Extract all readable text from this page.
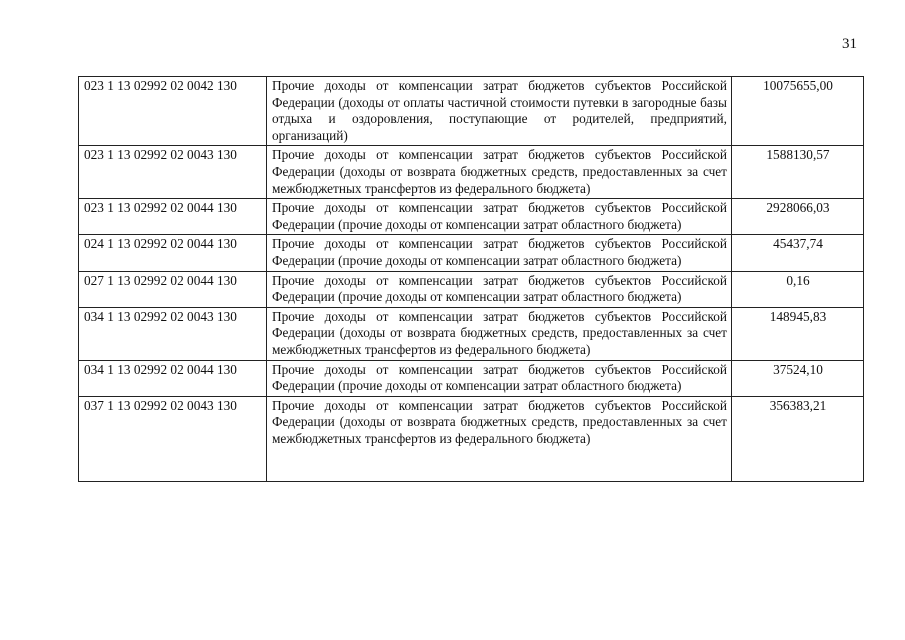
31
023 1 13 02992 02 0042 130	Прочие доходы от компенсации затрат бюджетов субъектов Российской Федерации (доходы от оплаты частичной стоимости путевки в загородные базы отдыха и оздоровления, поступающие от родителей, предприятий, организаций)	10075655,00
023 1 13 02992 02 0043 130	Прочие доходы от компенсации затрат бюджетов субъектов Российской Федерации (доходы от возврата бюджетных средств, предоставленных за счет межбюджетных трансфертов из федерального бюджета)	1588130,57
023 1 13 02992 02 0044 130	Прочие доходы от компенсации затрат бюджетов субъектов Российской Федерации (прочие доходы от компенсации затрат областного бюджета)	2928066,03
024 1 13 02992 02 0044 130	Прочие доходы от компенсации затрат бюджетов субъектов Российской Федерации (прочие доходы от компенсации затрат областного бюджета)	45437,74
027 1 13 02992 02 0044 130	Прочие доходы от компенсации затрат бюджетов субъектов Российской Федерации (прочие доходы от компенсации затрат областного бюджета)	0,16
034 1 13 02992 02 0043 130	Прочие доходы от компенсации затрат бюджетов субъектов Российской Федерации (доходы от возврата бюджетных средств, предоставленных за счет межбюджетных трансфертов из федерального бюджета)	148945,83
034 1 13 02992 02 0044 130	Прочие доходы от компенсации затрат бюджетов субъектов Российской Федерации (прочие доходы от компенсации затрат областного бюджета)	37524,10
037 1 13 02992 02 0043 130	Прочие доходы от компенсации затрат бюджетов субъектов Российской Федерации (доходы от возврата бюджетных средств, предоставленных за счет межбюджетных трансфертов из федерального бюджета)	356383,21
